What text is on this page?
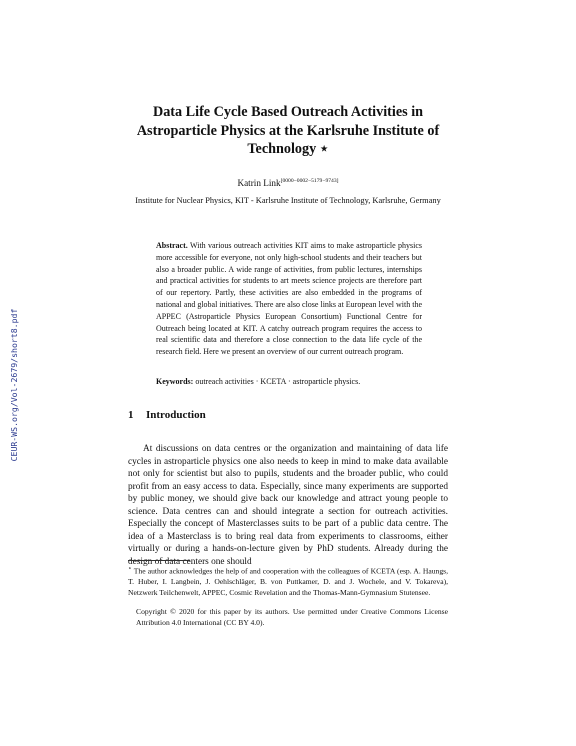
CEUR-WS.org/Vol-2679/short8.pdf
Data Life Cycle Based Outreach Activities in Astroparticle Physics at the Karlsruhe Institute of Technology ⋆
Katrin Link[0000−0002−5179−9743]
Institute for Nuclear Physics, KIT - Karlsruhe Institute of Technology, Karlsruhe, Germany
Abstract. With various outreach activities KIT aims to make astroparticle physics more accessible for everyone, not only high-school students and their teachers but also a broader public. A wide range of activities, from public lectures, internships and practical activities for students to art meets science projects are therefore part of our repertory. Partly, these activities are also embedded in the programs of national and global initiatives. There are also close links at European level with the APPEC (Astroparticle Physics European Consortium) Functional Centre for Outreach being located at KIT. A catchy outreach program requires the access to real scientific data and therefore a close connection to the data life cycle of the research field. Here we present an overview of our current outreach program.
Keywords: outreach activities · KCETA · astroparticle physics.
1 Introduction

At discussions on data centres or the organization and maintaining of data life cycles in astroparticle physics one also needs to keep in mind to make data available not only for scientist but also to pupils, students and the broader public, who could profit from an easy access to data. Especially, since many experiments are supported by public money, we should give back our knowledge and attract young people to science. Data centres can and should integrate a section for outreach activities. Especially the concept of Masterclasses suits to be part of a public data centre. The idea of a Masterclass is to bring real data from experiments to classrooms, either virtually or during a hands-on-lecture given by PhD students. Already during the design of data centers one should

⋆ The author acknowledges the help of and cooperation with the colleagues of KCETA (esp. A. Haungs, T. Huber, I. Langbein, J. Oehlschläger, B. von Puttkamer, D. and J. Wochele, and V. Tokareva), Netzwerk Teilchenwelt, APPEC, Cosmic Revelation and the Thomas-Mann-Gymnasium Stutensee.

Copyright © 2020 for this paper by its authors. Use permitted under Creative Commons License Attribution 4.0 International (CC BY 4.0).
